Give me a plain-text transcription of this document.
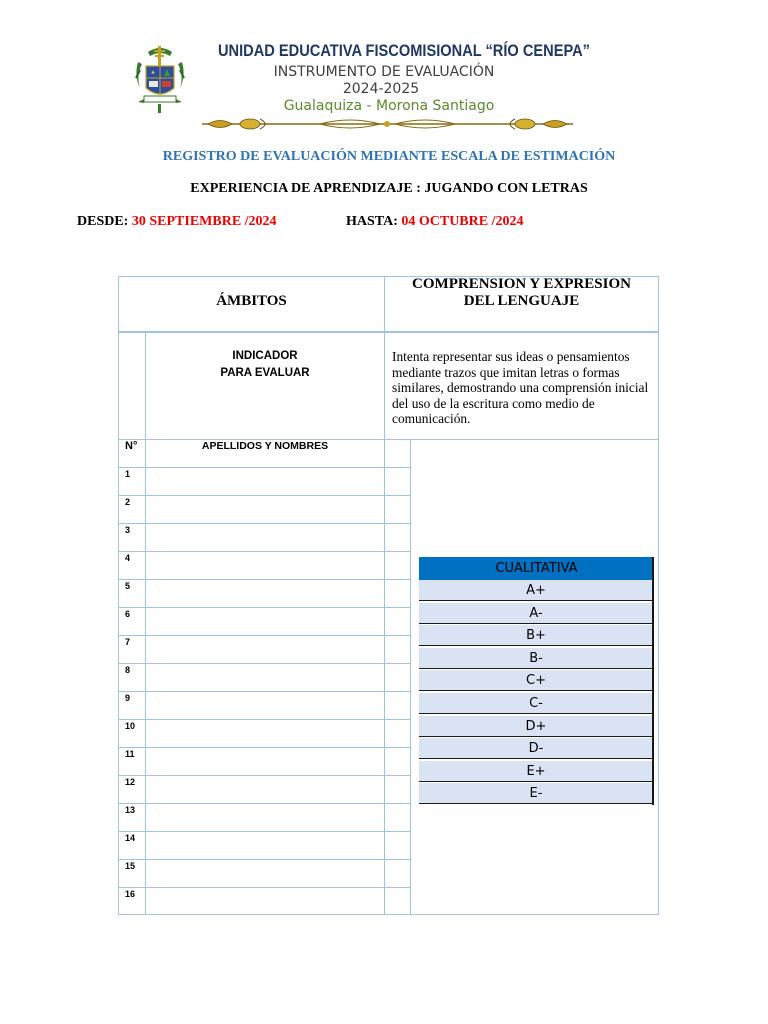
UNIDAD EDUCATIVA FISCOMISIONAL “RÍO CENEPA”
INSTRUMENTO DE EVALUACIÓN
2024-2025
Gualaquiza - Morona Santiago
REGISTRO DE EVALUACIÓN MEDIANTE ESCALA DE ESTIMACIÓN
EXPERIENCIA DE APRENDIZAJE : JUGANDO CON LETRAS
DESDE: 30 SEPTIEMBRE /2024	HASTA: 04 OCTUBRE /2024
ÁMBITOS
COMPRENSION Y EXPRESION
DEL LENGUAJE
INDICADOR
PARA EVALUAR
Intenta representar sus ideas o pensamientos mediante trazos que imitan letras o formas similares, demostrando una comprensión inicial del uso de la escritura como medio de comunicación.
N°	APELLIDOS Y NOMBRES
1
2
3
4
5
6
7
8
9
10
11
12
13
14
15
16
CUALITATIVA
A+
A-
B+
B-
C+
C-
D+
D-
E+
E-
